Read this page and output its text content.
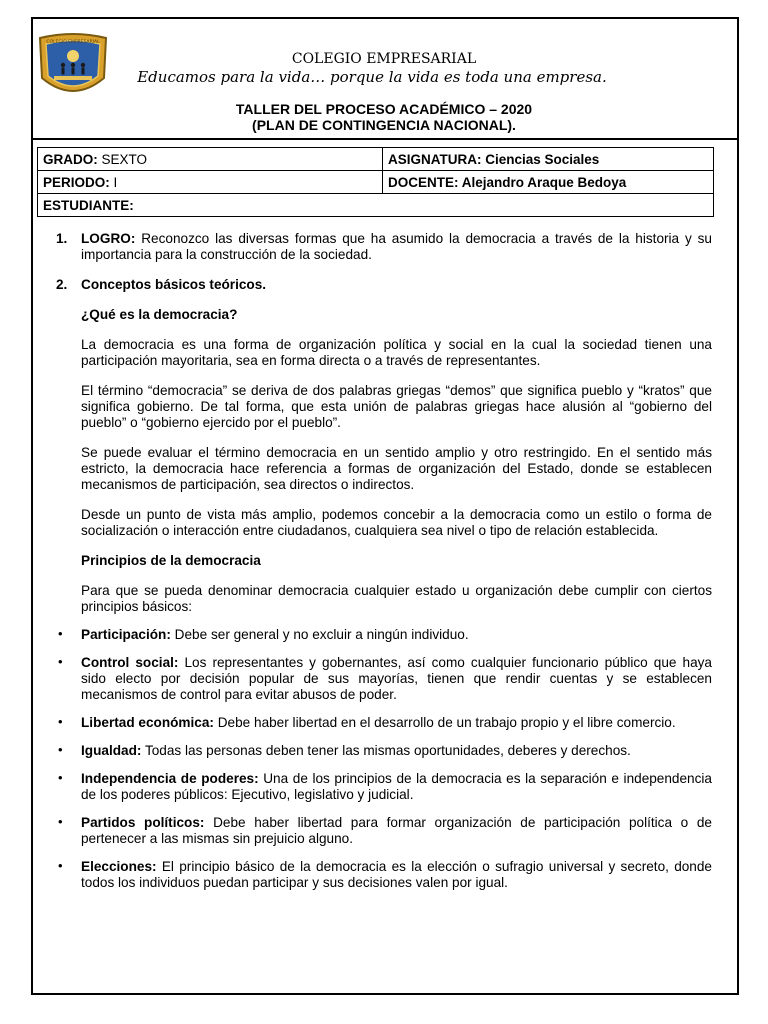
COLEGIO EMPRESARIAL
COLEGIO EMPRESARIAL
Educamos para la vida… porque la vida es toda una empresa.
TALLER DEL PROCESO ACADÉMICO – 2020
(PLAN DE CONTINGENCIA NACIONAL).
GRADO: SEXTO	ASIGNATURA: Ciencias Sociales
PERIODO: I	DOCENTE: Alejandro Araque Bedoya
ESTUDIANTE:	

1. LOGRO: Reconozco las diversas formas que ha asumido la democracia a través de la historia y su importancia para la construcción de la sociedad.

2. Conceptos básicos teóricos.

¿Qué es la democracia?

La democracia es una forma de organización política y social en la cual la sociedad tienen una participación mayoritaria, sea en forma directa o a través de representantes.

El término “democracia” se deriva de dos palabras griegas “demos” que significa pueblo y “kratos” que significa gobierno. De tal forma, que esta unión de palabras griegas hace alusión al “gobierno del pueblo” o “gobierno ejercido por el pueblo”.

Se puede evaluar el término democracia en un sentido amplio y otro restringido. En el sentido más estricto, la democracia hace referencia a formas de organización del Estado, donde se establecen mecanismos de participación, sea directos o indirectos.

Desde un punto de vista más amplio, podemos concebir a la democracia como un estilo o forma de socialización o interacción entre ciudadanos, cualquiera sea nivel o tipo de relación establecida.

Principios de la democracia

Para que se pueda denominar democracia cualquier estado u organización debe cumplir con ciertos principios básicos:

• Participación: Debe ser general y no excluir a ningún individuo.

• Control social: Los representantes y gobernantes, así como cualquier funcionario público que haya sido electo por decisión popular de sus mayorías, tienen que rendir cuentas y se establecen mecanismos de control para evitar abusos de poder.

• Libertad económica: Debe haber libertad en el desarrollo de un trabajo propio y el libre comercio.

• Igualdad: Todas las personas deben tener las mismas oportunidades, deberes y derechos.

• Independencia de poderes: Una de los principios de la democracia es la separación e independencia de los poderes públicos: Ejecutivo, legislativo y judicial.

• Partidos políticos: Debe haber libertad para formar organización de participación política o de pertenecer a las mismas sin prejuicio alguno.

• Elecciones: El principio básico de la democracia es la elección o sufragio universal y secreto, donde todos los individuos puedan participar y sus decisiones valen por igual.
